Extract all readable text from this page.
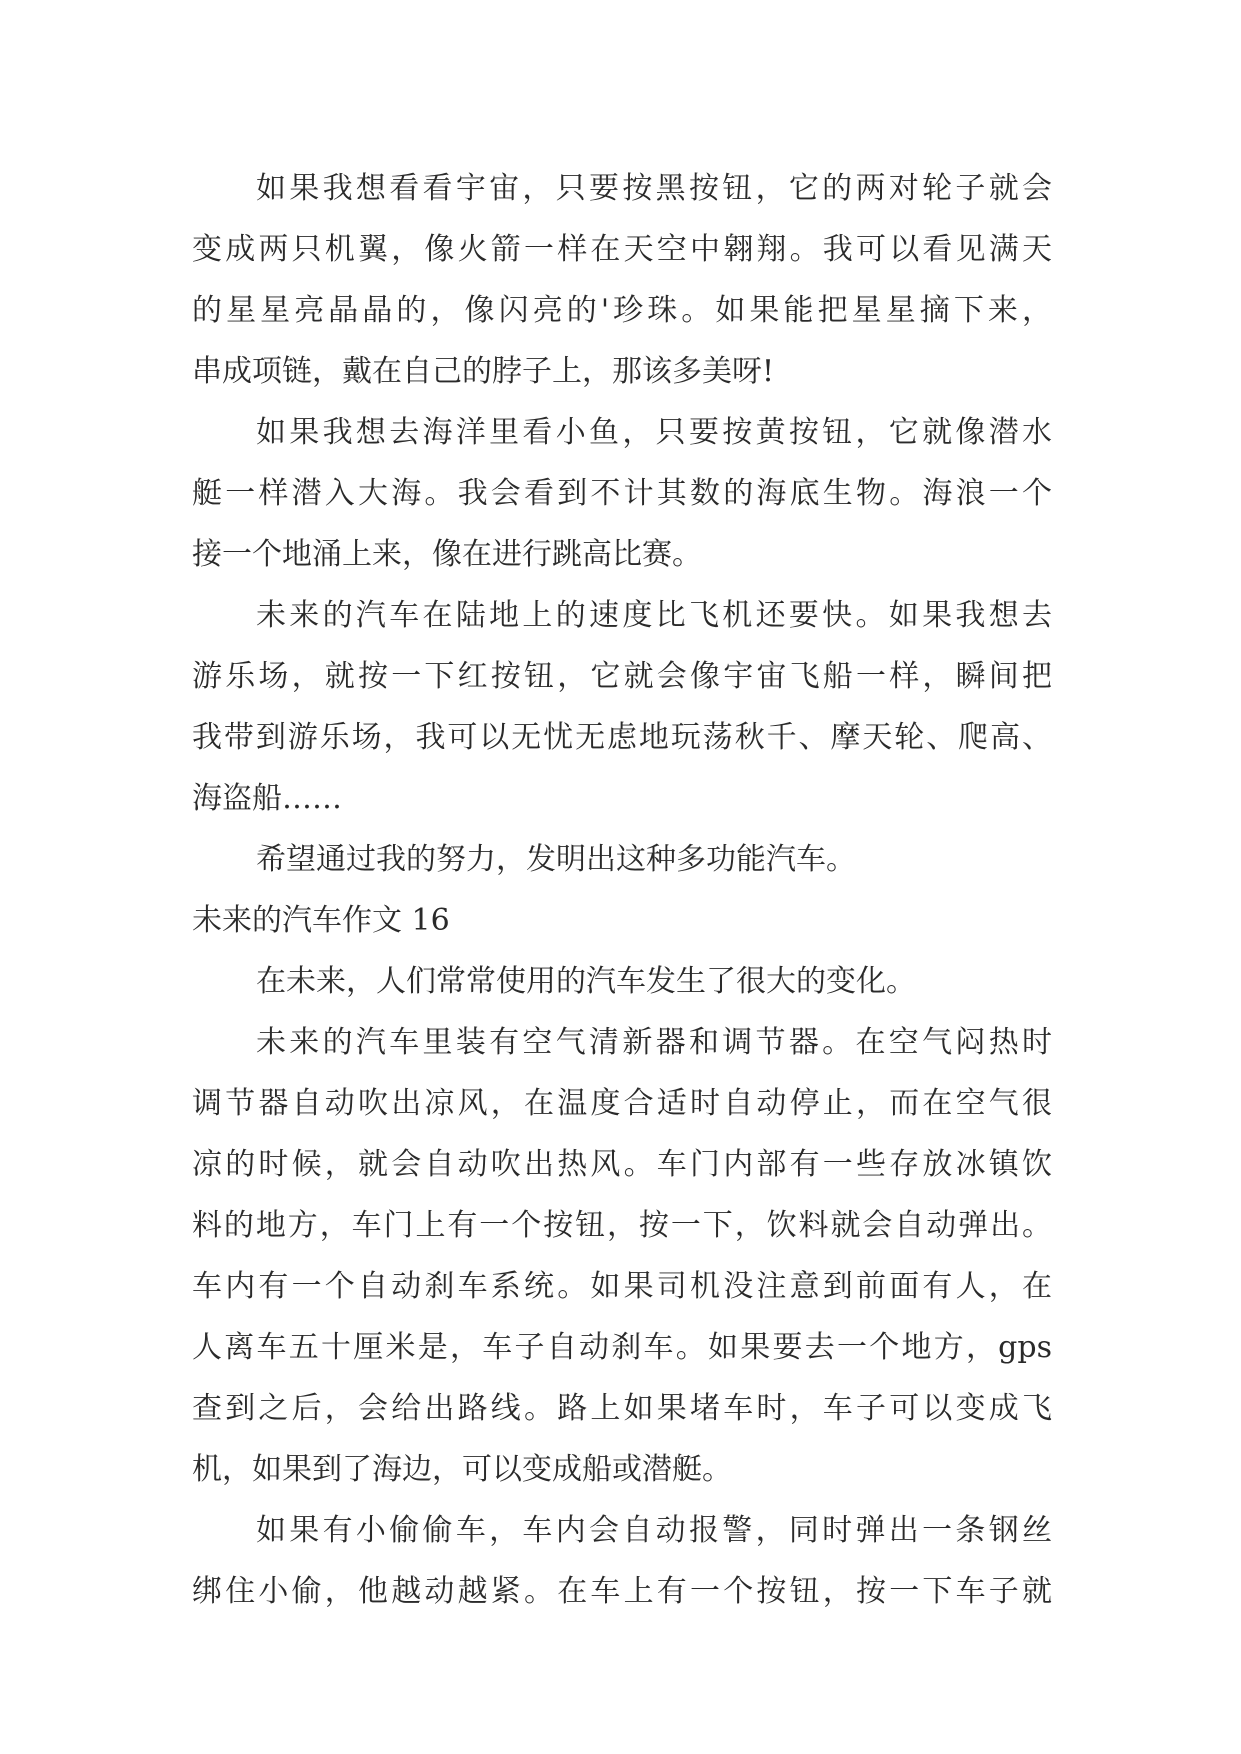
如果我想看看宇宙，只要按黑按钮，它的两对轮子就会
变成两只机翼，像火箭一样在天空中翱翔。我可以看见满天
的星星亮晶晶的，像闪亮的'珍珠。如果能把星星摘下来，
串成项链，戴在自己的脖子上，那该多美呀!
如果我想去海洋里看小鱼，只要按黄按钮，它就像潜水
艇一样潜入大海。我会看到不计其数的海底生物。海浪一个
接一个地涌上来，像在进行跳高比赛。
未来的汽车在陆地上的速度比飞机还要快。如果我想去
游乐场，就按一下红按钮，它就会像宇宙飞船一样，瞬间把
我带到游乐场，我可以无忧无虑地玩荡秋千、摩天轮、爬高、
海盗船……
希望通过我的努力，发明出这种多功能汽车。
未来的汽车作文 16
在未来，人们常常使用的汽车发生了很大的变化。
未来的汽车里装有空气清新器和调节器。在空气闷热时
调节器自动吹出凉风，在温度合适时自动停止，而在空气很
凉的时候，就会自动吹出热风。车门内部有一些存放冰镇饮
料的地方，车门上有一个按钮，按一下，饮料就会自动弹出。
车内有一个自动刹车系统。如果司机没注意到前面有人，在
人离车五十厘米是，车子自动刹车。如果要去一个地方，gps
查到之后，会给出路线。路上如果堵车时，车子可以变成飞
机，如果到了海边，可以变成船或潜艇。
如果有小偷偷车，车内会自动报警，同时弹出一条钢丝
绑住小偷，他越动越紧。在车上有一个按钮，按一下车子就
